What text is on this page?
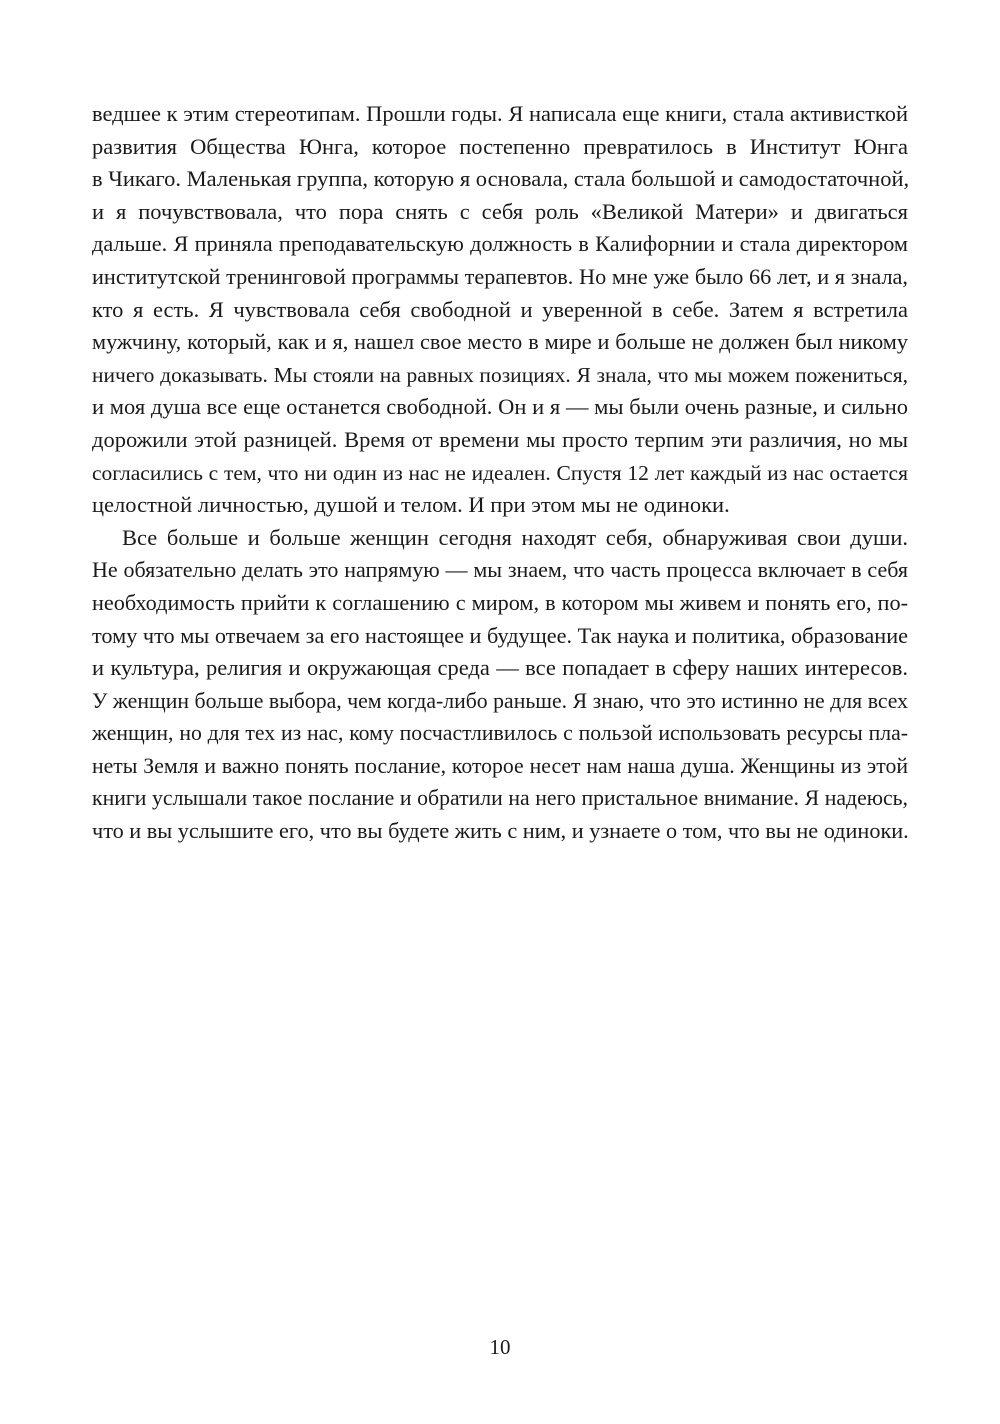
ведшее к этим стереотипам. Прошли годы. Я написала еще книги, стала активисткой
развития Общества Юнга, которое постепенно превратилось в Институт Юнга
в Чикаго. Маленькая группа, которую я основала, стала большой и самодостаточной,
и я почувствовала, что пора снять с себя роль «Великой Матери» и двигаться
дальше. Я приняла преподавательскую должность в Калифорнии и стала директором
институтской тренинговой программы терапевтов. Но мне уже было 66 лет, и я знала,
кто я есть. Я чувствовала себя свободной и уверенной в себе. Затем я встретила
мужчину, который, как и я, нашел свое место в мире и больше не должен был никому
ничего доказывать. Мы стояли на равных позициях. Я знала, что мы можем пожениться,
и моя душа все еще останется свободной. Он и я — мы были очень разные, и сильно
дорожили этой разницей. Время от времени мы просто терпим эти различия, но мы
согласились с тем, что ни один из нас не идеален. Спустя 12 лет каждый из нас остается
целостной личностью, душой и телом. И при этом мы не одиноки.
Все больше и больше женщин сегодня находят себя, обнаруживая свои души.
Не обязательно делать это напрямую — мы знаем, что часть процесса включает в себя
необходимость прийти к соглашению с миром, в котором мы живем и понять его, по-
тому что мы отвечаем за его настоящее и будущее. Так наука и политика, образование
и культура, религия и окружающая среда — все попадает в сферу наших интересов.
У женщин больше выбора, чем когда-либо раньше. Я знаю, что это истинно не для всех
женщин, но для тех из нас, кому посчастливилось с пользой использовать ресурсы пла-
неты Земля и важно понять послание, которое несет нам наша душа. Женщины из этой
книги услышали такое послание и обратили на него пристальное внимание. Я надеюсь,
что и вы услышите его, что вы будете жить с ним, и узнаете о том, что вы не одиноки.
10
